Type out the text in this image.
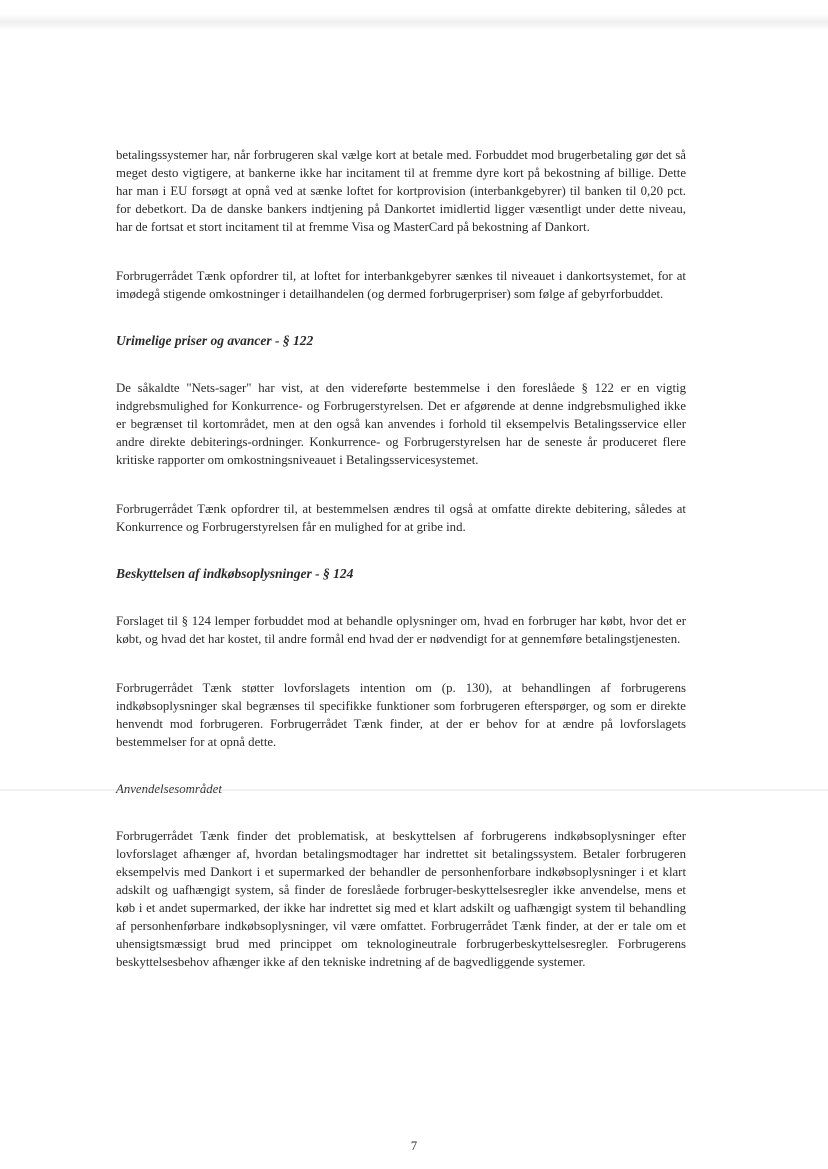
betalingssystemer har, når forbrugeren skal vælge kort at betale med. Forbuddet mod brugerbetaling gør det så meget desto vigtigere, at bankerne ikke har incitament til at fremme dyre kort på bekostning af billige. Dette har man i EU forsøgt at opnå ved at sænke loftet for kortprovision (interbankgebyrer) til banken til 0,20 pct. for debetkort. Da de danske bankers indtjening på Dankortet imidlertid ligger væsentligt under dette niveau, har de fortsat et stort incitament til at fremme Visa og MasterCard på bekostning af Dankort.

Forbrugerrådet Tænk opfordrer til, at loftet for interbankgebyrer sænkes til niveauet i dankortsystemet, for at imødegå stigende omkostninger i detailhandelen (og dermed forbrugerpriser) som følge af gebyrforbuddet.

Urimelige priser og avancer - § 122

De såkaldte "Nets-sager" har vist, at den videreførte bestemmelse i den foreslåede § 122 er en vigtig indgrebsmulighed for Konkurrence- og Forbrugerstyrelsen. Det er afgørende at denne indgrebsmulighed ikke er begrænset til kortområdet, men at den også kan anvendes i forhold til eksempelvis Betalingsservice eller andre direkte debiterings-ordninger. Konkurrence- og Forbrugerstyrelsen har de seneste år produceret flere kritiske rapporter om omkostningsniveauet i Betalingsservicesystemet.

Forbrugerrådet Tænk opfordrer til, at bestemmelsen ændres til også at omfatte direkte debitering, således at Konkurrence og Forbrugerstyrelsen får en mulighed for at gribe ind.

Beskyttelsen af indkøbsoplysninger - § 124

Forslaget til § 124 lemper forbuddet mod at behandle oplysninger om, hvad en forbruger har købt, hvor det er købt, og hvad det har kostet, til andre formål end hvad der er nødvendigt for at gennemføre betalingstjenesten.

Forbrugerrådet Tænk støtter lovforslagets intention om (p. 130), at behandlingen af forbrugerens indkøbsoplysninger skal begrænses til specifikke funktioner som forbrugeren efterspørger, og som er direkte henvendt mod forbrugeren. Forbrugerrådet Tænk finder, at der er behov for at ændre på lovforslagets bestemmelser for at opnå dette.

Anvendelsesområdet

Forbrugerrådet Tænk finder det problematisk, at beskyttelsen af forbrugerens indkøbsoplysninger efter lovforslaget afhænger af, hvordan betalingsmodtager har indrettet sit betalingssystem. Betaler forbrugeren eksempelvis med Dankort i et supermarked der behandler de personhenforbare indkøbsoplysninger i et klart adskilt og uafhængigt system, så finder de foreslåede forbruger-beskyttelsesregler ikke anvendelse, mens et køb i et andet supermarked, der ikke har indrettet sig med et klart adskilt og uafhængigt system til behandling af personhenførbare indkøbsoplysninger, vil være omfattet. Forbrugerrådet Tænk finder, at der er tale om et uhensigtsmæssigt brud med princippet om teknologineutrale forbrugerbeskyttelsesregler. Forbrugerens beskyttelsesbehov afhænger ikke af den tekniske indretning af de bagvedliggende systemer.

7
